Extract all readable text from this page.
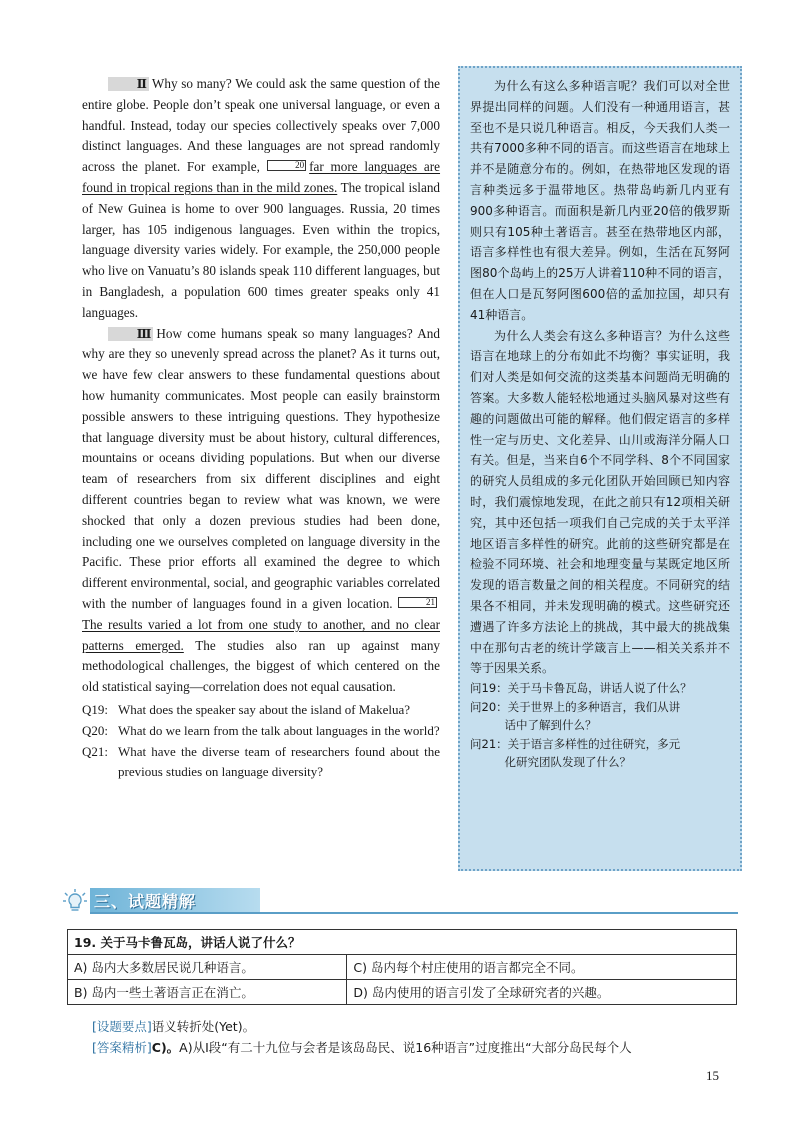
Ⅱ Why so many? We could ask the same question of the entire globe. People don’t speak one universal language, or even a handful. Instead, today our species collectively speaks over 7,000 distinct languages. And these languages are not spread randomly across the planet. For example,	20 far more languages are found in tropical regions than in the mild zones. The tropical island of New Guinea is home to over 900 languages. Russia, 20 times larger, has 105 indigenous languages. Even within the tropics, language diversity varies widely. For example, the 250,000 people who live on Vanuatu’s 80 islands speak 110 different languages, but in Bangladesh, a population 600 times greater speaks only 41 languages.

Ⅲ How come humans speak so many languages? And why are they so unevenly spread across the planet? As it turns out, we have few clear answers to these fundamental questions about how humanity communicates. Most people can easily brainstorm possible answers to these intriguing questions. They hypothesize that language diversity must be about history, cultural differences, mountains or oceans dividing populations. But when our diverse team of researchers from six different disciplines and eight different countries began to review what was known, we were shocked that only a dozen previous studies had been done, including one we ourselves completed on language diversity in the Pacific. These prior efforts all examined the degree to which different environmental, social, and geographic variables correlated with the number of languages found in a given location.	21The results varied a lot from one study to another, and no clear patterns emerged. The studies also ran up against many methodological challenges, the biggest of which centered on the old statistical saying—correlation does not equal causation.

Q19: What does the speaker say about the island of Makelua?
Q20: What do we learn from the talk about languages in the world?
Q21: What have the diverse team of researchers found about the previous studies on language diversity?

为什么有这么多种语言呢？我们可以对全世界提出同样的问题。人们没有一种通用语言，甚至也不是只说几种语言。相反，今天我们人类一共有7000多种不同的语言。而这些语言在地球上并不是随意分布的。例如，在热带地区发现的语言种类远多于温带地区。热带岛屿新几内亚有900多种语言。而面积是新几内亚20倍的俄罗斯则只有105种土著语言。甚至在热带地区内部，语言多样性也有很大差异。例如，生活在瓦努阿图80个岛屿上的25万人讲着110种不同的语言，但在人口是瓦努阿图600倍的孟加拉国，却只有41种语言。

为什么人类会有这么多种语言？为什么这些语言在地球上的分布如此不均衡？事实证明，我们对人类是如何交流的这类基本问题尚无明确的答案。大多数人能轻松地通过头脑风暴对这些有趣的问题做出可能的解释。他们假定语言的多样性一定与历史、文化差异、山川或海洋分隔人口有关。但是，当来自6个不同学科、8个不同国家的研究人员组成的多元化团队开始回顾已知内容时，我们震惊地发现，在此之前只有12项相关研究，其中还包括一项我们自己完成的关于太平洋地区语言多样性的研究。此前的这些研究都是在检验不同环境、社会和地理变量与某既定地区所发现的语言数量之间的相关程度。不同研究的结果各不相同，并未发现明确的模式。这些研究还遭遇了许多方法论上的挑战，其中最大的挑战集中在那句古老的统计学箴言上——相关关系并不等于因果关系。

问19：关于马卡鲁瓦岛，讲话人说了什么？
问20：关于世界上的多种语言，我们从讲
话中了解到什么？
问21：关于语言多样性的过往研究，多元
化研究团队发现了什么？
三、试题精解
19. 关于马卡鲁瓦岛，讲话人说了什么？	
A) 岛内大多数居民说几种语言。	C) 岛内每个村庄使用的语言都完全不同。
B) 岛内一些土著语言正在消亡。	D) 岛内使用的语言引发了全球研究者的兴趣。
[设题要点]语义转折处(Yet)。
[答案精析]C)。A)从Ⅰ段“有二十九位与会者是该岛岛民、说16种语言”过度推出“大部分岛民每个人
15
